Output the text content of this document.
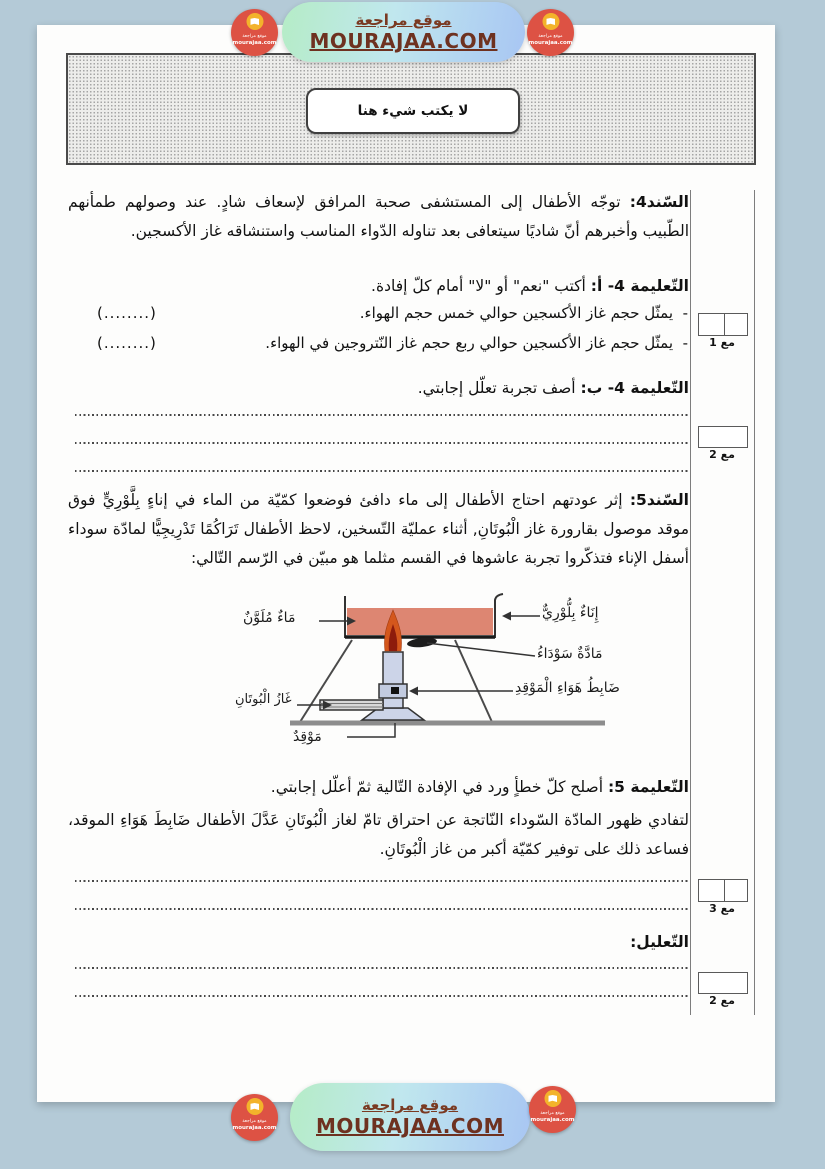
موقع مراجعة
MOURAJAA.COM
موقع مراجعة
mourajaa.com
موقع مراجعة
mourajaa.com
لا يكتب شيء هنا

السّند4: توجّه الأطفال إلى المستشفى صحبة المرافق لإسعاف شادٍ. عند وصولهم طمأنهم الطّبيب وأخبرهم أنّ شاديًا سيتعافى بعد تناوله الدّواء المناسب واستنشاقه غاز الأكسجين.

التّعليمة 4- أ: أكتب "نعم" أو "لا" أمام كلّ إفادة.

-  يمثّل حجم غاز الأكسجين حوالي خمس حجم الهواء.
(........)
-  يمثّل حجم غاز الأكسجين حوالي ربع حجم غاز النّتروجين في الهواء.
(........)

التّعليمة 4- ب: أصف تجربة تعلّل إجابتي.

السّند5: إثر عودتهم احتاج الأطفال إلى ماء دافئ فوضعوا كمّيّة من الماء في إناءٍ بِلَّوْرِيٍّ فوق موقد موصول بقارورة غاز الْبُوتَانِ, أثناء عمليّة التّسخين، لاحظ الأطفال تَرَاكُمًا تَدْرِيجِيًّا لمادّة سوداء أسفل الإناء فتذكّروا تجربة عاشوها في القسم مثلما هو مبيّن في الرّسم التّالي:

إِنَاءٌ بِلُّوْرِيٌّ
مَاءٌ مُلَوَّنٌ
مَادَّةٌ سَوْدَاءُ
ضَابِطُ هَوَاءِ الْمَوْقِدِ
غَازُ الْبُوتَانِ
مَوْقِدٌ

التّعليمة 5: أصلح كلّ خطأٍ ورد في الإفادة التّالية ثمّ أعلّل إجابتي.

لتفادي ظهور المادّة السّوداء النّاتجة عن احتراق تامّ لغاز الْبُوتَانِ عَدَّلَ الأطفال ضَابِطَ هَوَاءِ الموقد، فساعد ذلك على توفير كمّيّة أكبر من غاز الْبُوتَانِ.

التّعليل:

مع 1
مع 2
مع 3
مع 2
موقع مراجعة
MOURAJAA.COM
موقع مراجعة
mourajaa.com
موقع مراجعة
mourajaa.com
